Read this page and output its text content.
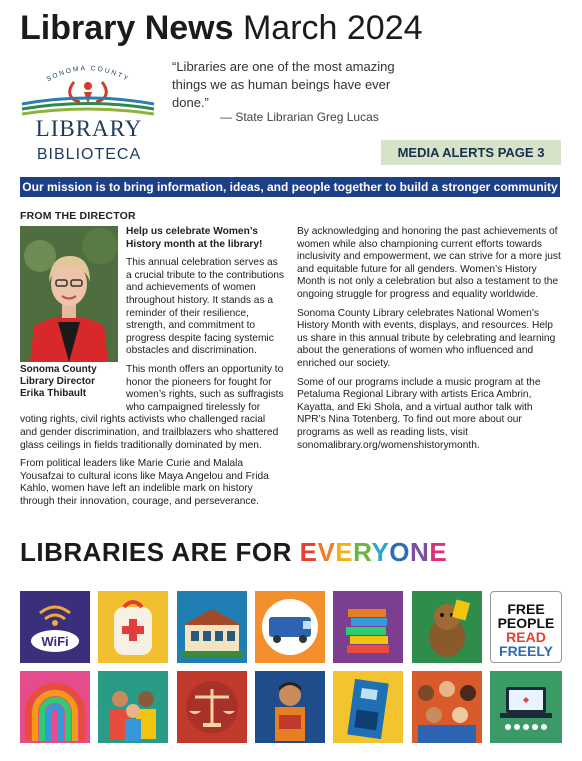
Library News March 2024
SONOMA COUNTY
LIBRARY
BIBLIOTECA
“Libraries are one of the most amazing things we as human beings have ever done.”
— State Librarian Greg Lucas
MEDIA ALERTS PAGE 3
Our mission is to bring information, ideas, and people together to build a stronger community
FROM THE DIRECTOR
Sonoma County
Library Director
Erika Thibault

Help us celebrate Women’s History month at the library!

This annual celebration serves as a crucial tribute to the contributions and achievements of women throughout history. It stands as a reminder of their resilience, strength, and commitment to progress despite facing systemic obstacles and discrimination.

This month offers an opportunity to honor the pioneers for fought for women’s rights, such as suffragists who campaigned tirelessly for voting rights, civil rights activists who challenged racial and gender discrimination, and trailblazers who shattered glass ceilings in fields traditionally dominated by men.

From political leaders like Marie Curie and Malala Yousafzai to cultural icons like Maya Angelou and Frida Kahlo, women have left an indelible mark on history through their innovation, courage, and perseverance.

By acknowledging and honoring the past achievements of women while also championing current efforts towards inclusivity and empowerment, we can strive for a more just and equitable future for all genders. Women’s History Month is not only a celebration but also a testament to the ongoing struggle for progress and equality worldwide.

Sonoma County Library celebrates National Women’s History Month with events, displays, and resources. Help us share in this annual tribute by celebrating and learning about the generations of women who influenced and enriched our society.

Some of our programs include a music program at the Petaluma Regional Library with artists Erica Ambrin, Kayatta, and Eki Shola, and a virtual author talk with NPR’s Nina Totenberg. To find out more about our programs as well as reading lists, visit sonomalibrary.org/womenshistorymonth.

LIBRARIES ARE FOR EVERYONE
WiFi
FREE
PEOPLE
READ
FREELY
